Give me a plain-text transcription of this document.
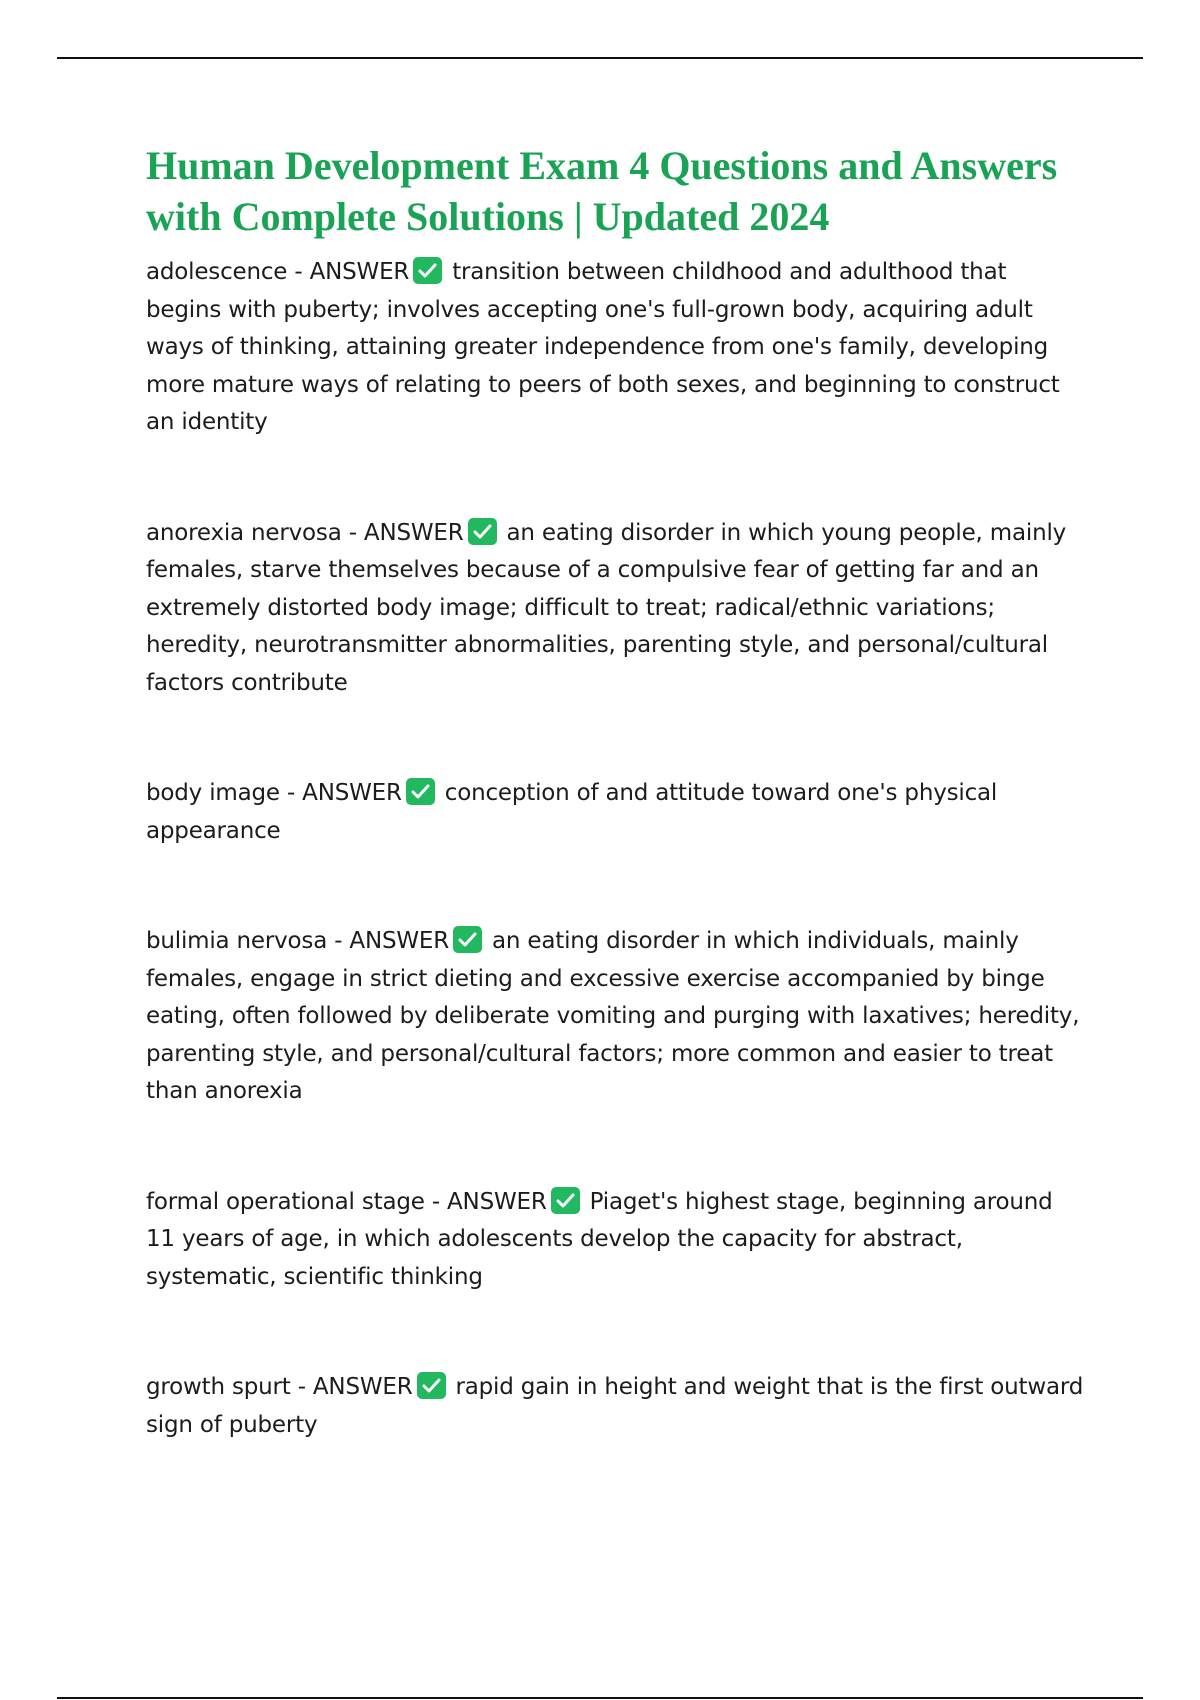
Human Development Exam 4 Questions and Answers with Complete Solutions | Updated 2024

adolescence - ANSWER transition between childhood and adulthood that begins with puberty; involves accepting one's full-grown body, acquiring adult ways of thinking, attaining greater independence from one's family, developing more mature ways of relating to peers of both sexes, and beginning to construct an identity

anorexia nervosa - ANSWER an eating disorder in which young people, mainly females, starve themselves because of a compulsive fear of getting far and an extremely distorted body image; difficult to treat; radical/ethnic variations; heredity, neurotransmitter abnormalities, parenting style, and personal/cultural factors contribute

body image - ANSWER conception of and attitude toward one's physical appearance

bulimia nervosa - ANSWER an eating disorder in which individuals, mainly females, engage in strict dieting and excessive exercise accompanied by binge eating, often followed by deliberate vomiting and purging with laxatives; heredity, parenting style, and personal/cultural factors; more common and easier to treat than anorexia

formal operational stage - ANSWER Piaget's highest stage, beginning around 11 years of age, in which adolescents develop the capacity for abstract, systematic, scientific thinking

growth spurt - ANSWER rapid gain in height and weight that is the first outward sign of puberty
